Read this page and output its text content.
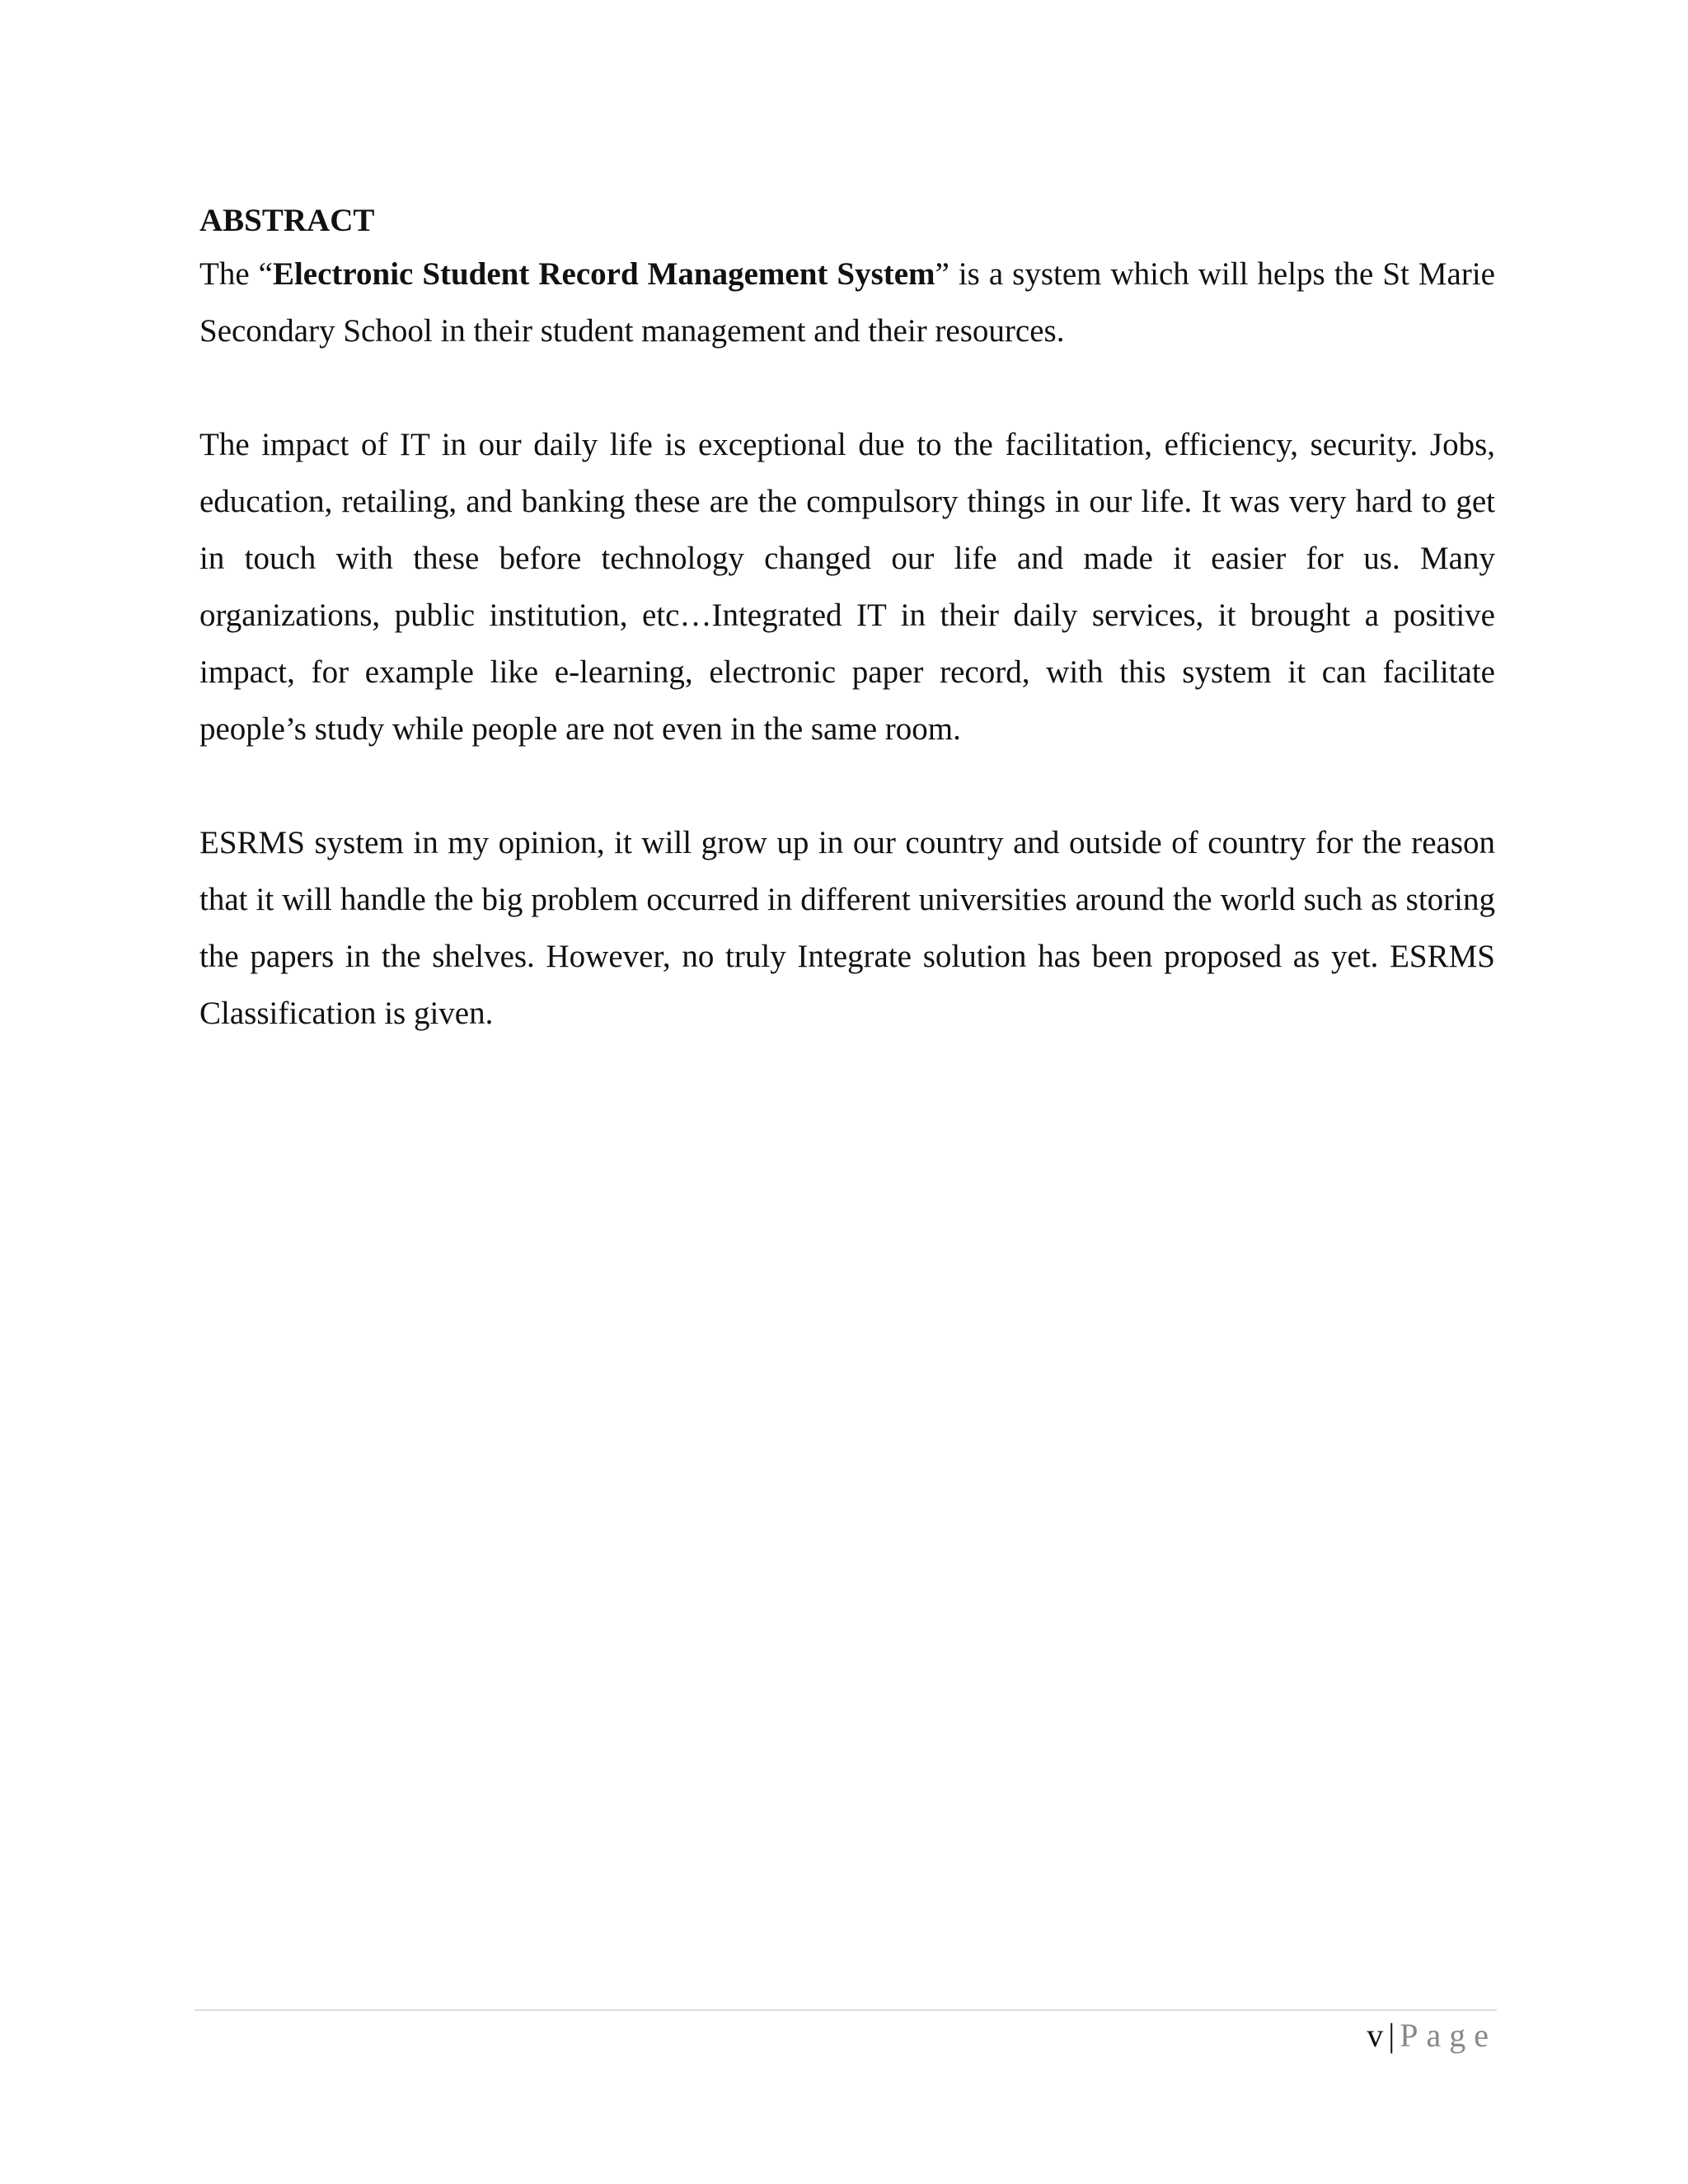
ABSTRACT

The “Electronic Student Record Management System” is a system which will helps the St Marie Secondary School in their student management and their resources.

The impact of IT in our daily life is exceptional due to the facilitation, efficiency, security. Jobs, education, retailing, and banking these are the compulsory things in our life. It was very hard to get in touch with these before technology changed our life and made it easier for us. Many organizations, public institution, etc…Integrated IT in their daily services, it brought a positive impact, for example like e-learning, electronic paper record, with this system it can facilitate people’s study while people are not even in the same room.

ESRMS system in my opinion, it will grow up in our country and outside of country for the reason that it will handle the big problem occurred in different universities around the world such as storing the papers in the shelves. However, no truly Integrate solution has been proposed as yet. ESRMS Classification is given.

v | Page
